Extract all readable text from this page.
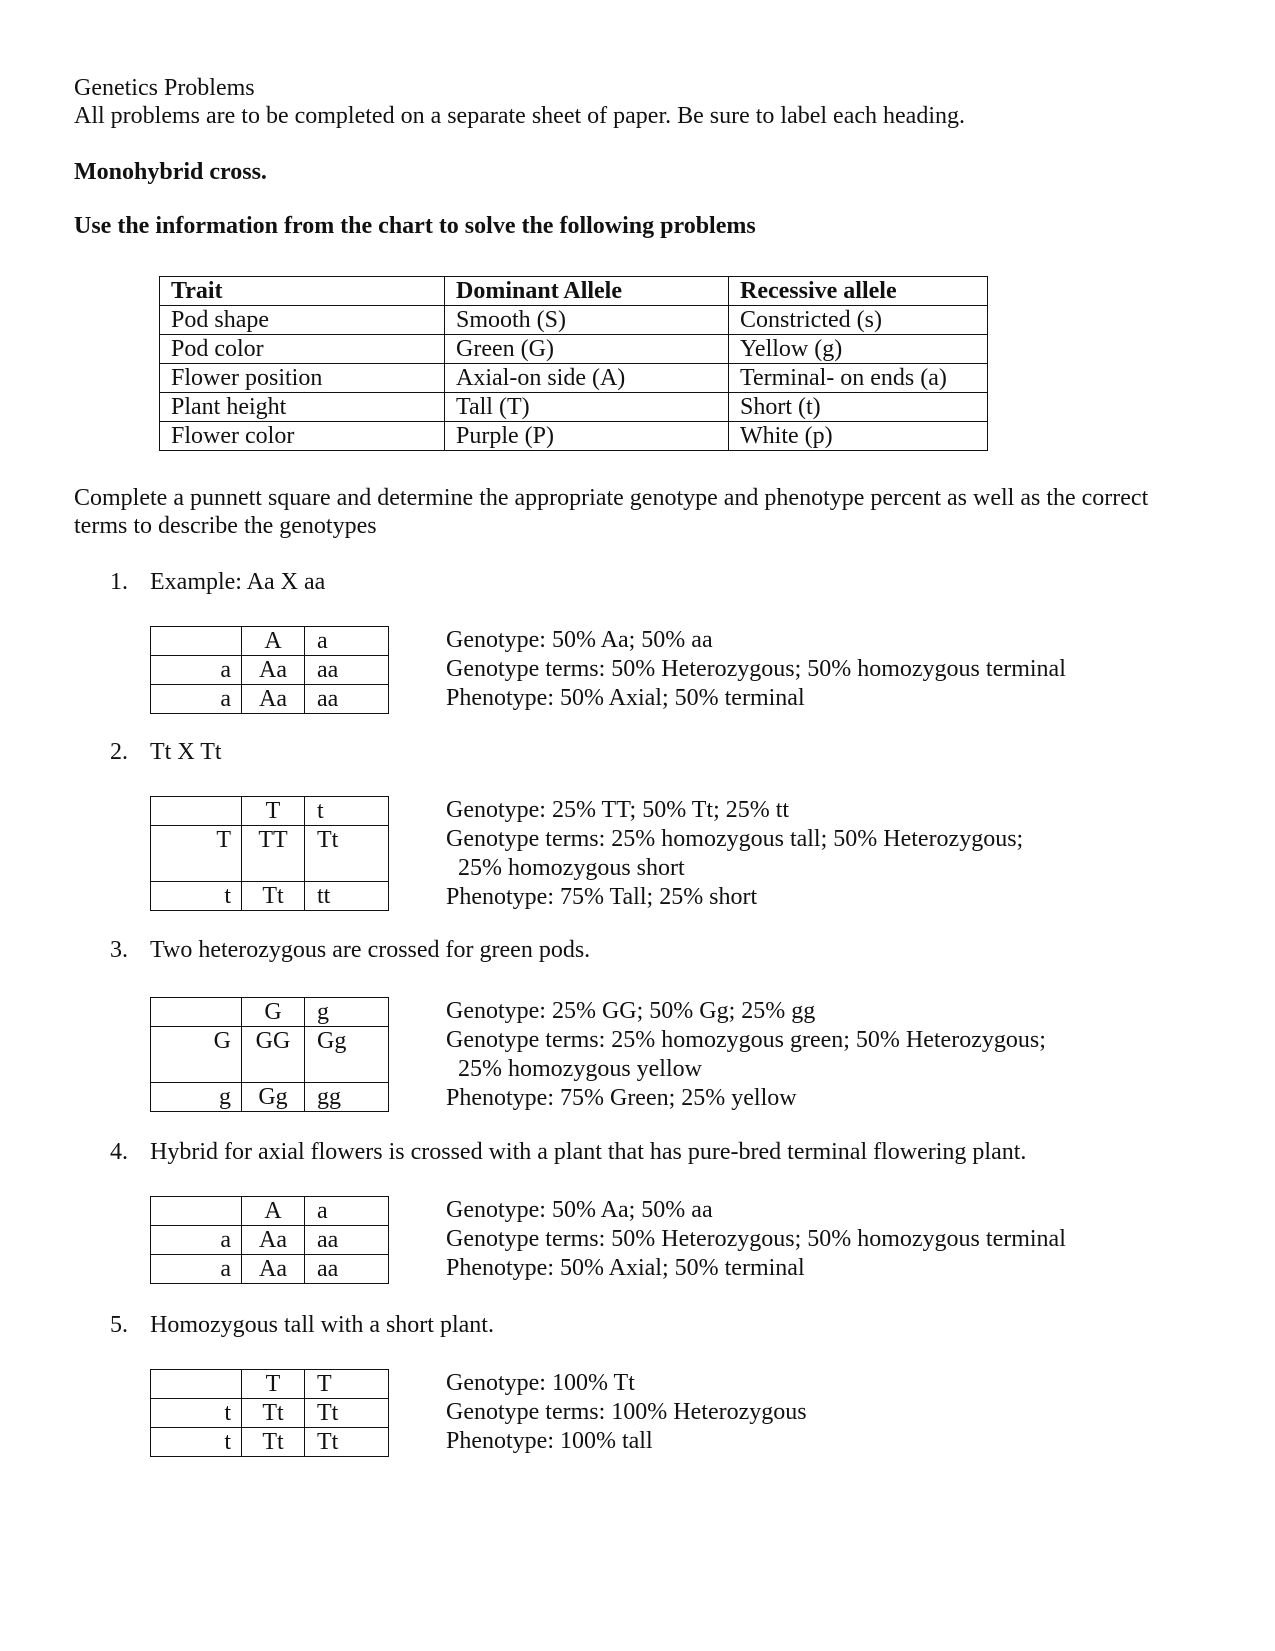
Genetics Problems
All problems are to be completed on a separate sheet of paper. Be sure to label each heading.
Monohybrid cross.
Use the information from the chart to solve the following problems
Trait	Dominant Allele	Recessive allele
Pod shape	Smooth (S)	Constricted (s)
Pod color	Green (G)	Yellow (g)
Flower position	Axial-on side (A)	Terminal- on ends (a)
Plant height	Tall (T)	Short (t)
Flower color	Purple (P)	White (p)
Complete a punnett square and determine the appropriate genotype and phenotype percent as well as the correct
terms to describe the genotypes
1. Example: Aa X aa
	A	a
a	Aa	aa
a	Aa	aa
Genotype: 50% Aa; 50% aa
Genotype terms: 50% Heterozygous; 50% homozygous terminal
Phenotype: 50% Axial; 50% terminal
2. Tt X Tt
	T	t
T	TT	Tt
t	Tt	tt
Genotype: 25% TT; 50% Tt; 25% tt
Genotype terms: 25% homozygous tall; 50% Heterozygous;
25% homozygous short
Phenotype: 75% Tall; 25% short
3. Two heterozygous are crossed for green pods.
	G	g
G	GG	Gg
g	Gg	gg
Genotype: 25% GG; 50% Gg; 25% gg
Genotype terms: 25% homozygous green; 50% Heterozygous;
25% homozygous yellow
Phenotype: 75% Green; 25% yellow
4. Hybrid for axial flowers is crossed with a plant that has pure-bred terminal flowering plant.
	A	a
a	Aa	aa
a	Aa	aa
Genotype: 50% Aa; 50% aa
Genotype terms: 50% Heterozygous; 50% homozygous terminal
Phenotype: 50% Axial; 50% terminal
5. Homozygous tall with a short plant.
	T	T
t	Tt	Tt
t	Tt	Tt
Genotype: 100% Tt
Genotype terms: 100% Heterozygous
Phenotype: 100% tall
